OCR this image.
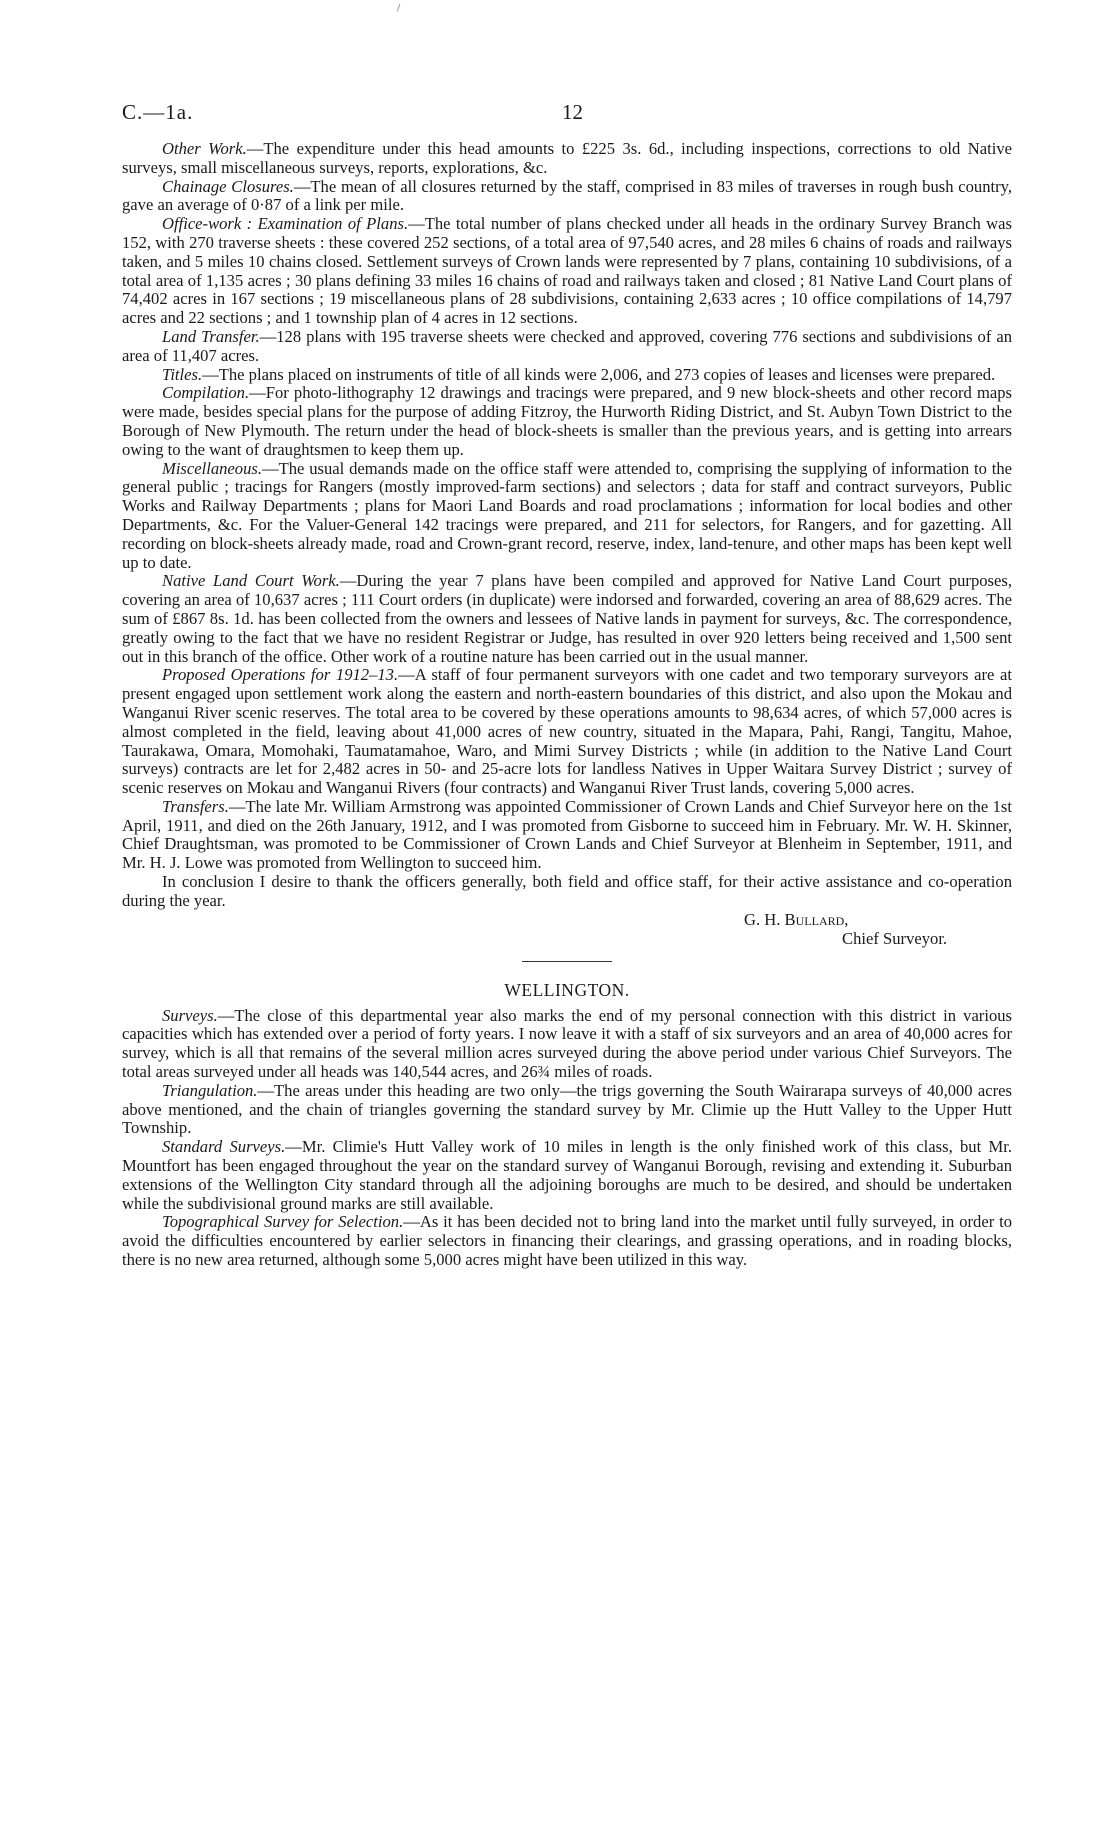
C.—1a.	12

Other Work.—The expenditure under this head amounts to £225 3s. 6d., including inspections, corrections to old Native surveys, small miscellaneous surveys, reports, explorations, &c.

Chainage Closures.—The mean of all closures returned by the staff, comprised in 83 miles of traverses in rough bush country, gave an average of 0·87 of a link per mile.

Office-work : Examination of Plans.—The total number of plans checked under all heads in the ordinary Survey Branch was 152, with 270 traverse sheets : these covered 252 sections, of a total area of 97,540 acres, and 28 miles 6 chains of roads and railways taken, and 5 miles 10 chains closed. Settlement surveys of Crown lands were represented by 7 plans, containing 10 subdivisions, of a total area of 1,135 acres ; 30 plans defining 33 miles 16 chains of road and railways taken and closed ; 81 Native Land Court plans of 74,402 acres in 167 sections ; 19 miscellaneous plans of 28 subdivisions, containing 2,633 acres ; 10 office compilations of 14,797 acres and 22 sections ; and 1 township plan of 4 acres in 12 sections.

Land Transfer.—128 plans with 195 traverse sheets were checked and approved, covering 776 sections and subdivisions of an area of 11,407 acres.

Titles.—The plans placed on instruments of title of all kinds were 2,006, and 273 copies of leases and licenses were prepared.

Compilation.—For photo-lithography 12 drawings and tracings were prepared, and 9 new block-sheets and other record maps were made, besides special plans for the purpose of adding Fitzroy, the Hurworth Riding District, and St. Aubyn Town District to the Borough of New Plymouth. The return under the head of block-sheets is smaller than the previous years, and is getting into arrears owing to the want of draughtsmen to keep them up.

Miscellaneous.—The usual demands made on the office staff were attended to, comprising the supplying of information to the general public ; tracings for Rangers (mostly improved-farm sections) and selectors ; data for staff and contract surveyors, Public Works and Railway Departments ; plans for Maori Land Boards and road proclamations ; information for local bodies and other Departments, &c. For the Valuer-General 142 tracings were prepared, and 211 for selectors, for Rangers, and for gazetting. All recording on block-sheets already made, road and Crown-grant record, reserve, index, land-tenure, and other maps has been kept well up to date.

Native Land Court Work.—During the year 7 plans have been compiled and approved for Native Land Court purposes, covering an area of 10,637 acres ; 111 Court orders (in duplicate) were indorsed and forwarded, covering an area of 88,629 acres. The sum of £867 8s. 1d. has been collected from the owners and lessees of Native lands in payment for surveys, &c. The correspondence, greatly owing to the fact that we have no resident Registrar or Judge, has resulted in over 920 letters being received and 1,500 sent out in this branch of the office. Other work of a routine nature has been carried out in the usual manner.

Proposed Operations for 1912–13.—A staff of four permanent surveyors with one cadet and two temporary surveyors are at present engaged upon settlement work along the eastern and north-eastern boundaries of this district, and also upon the Mokau and Wanganui River scenic reserves. The total area to be covered by these operations amounts to 98,634 acres, of which 57,000 acres is almost completed in the field, leaving about 41,000 acres of new country, situated in the Mapara, Pahi, Rangi, Tangitu, Mahoe, Taurakawa, Omara, Momohaki, Taumatamahoe, Waro, and Mimi Survey Districts ; while (in addition to the Native Land Court surveys) contracts are let for 2,482 acres in 50- and 25-acre lots for landless Natives in Upper Waitara Survey District ; survey of scenic reserves on Mokau and Wanganui Rivers (four contracts) and Wanganui River Trust lands, covering 5,000 acres.

Transfers.—The late Mr. William Armstrong was appointed Commissioner of Crown Lands and Chief Surveyor here on the 1st April, 1911, and died on the 26th January, 1912, and I was promoted from Gisborne to succeed him in February. Mr. W. H. Skinner, Chief Draughtsman, was promoted to be Commissioner of Crown Lands and Chief Surveyor at Blenheim in September, 1911, and Mr. H. J. Lowe was promoted from Wellington to succeed him.

In conclusion I desire to thank the officers generally, both field and office staff, for their active assistance and co-operation during the year.

G. H. Bullard,
Chief Surveyor.
WELLINGTON.

Surveys.—The close of this departmental year also marks the end of my personal connection with this district in various capacities which has extended over a period of forty years. I now leave it with a staff of six surveyors and an area of 40,000 acres for survey, which is all that remains of the several million acres surveyed during the above period under various Chief Surveyors. The total areas surveyed under all heads was 140,544 acres, and 26¾ miles of roads.

Triangulation.—The areas under this heading are two only—the trigs governing the South Wairarapa surveys of 40,000 acres above mentioned, and the chain of triangles governing the standard survey by Mr. Climie up the Hutt Valley to the Upper Hutt Township.

Standard Surveys.—Mr. Climie's Hutt Valley work of 10 miles in length is the only finished work of this class, but Mr. Mountfort has been engaged throughout the year on the standard survey of Wanganui Borough, revising and extending it. Suburban extensions of the Wellington City standard through all the adjoining boroughs are much to be desired, and should be undertaken while the subdivisional ground marks are still available.

Topographical Survey for Selection.—As it has been decided not to bring land into the market until fully surveyed, in order to avoid the difficulties encountered by earlier selectors in financing their clearings, and grassing operations, and in roading blocks, there is no new area returned, although some 5,000 acres might have been utilized in this way.
